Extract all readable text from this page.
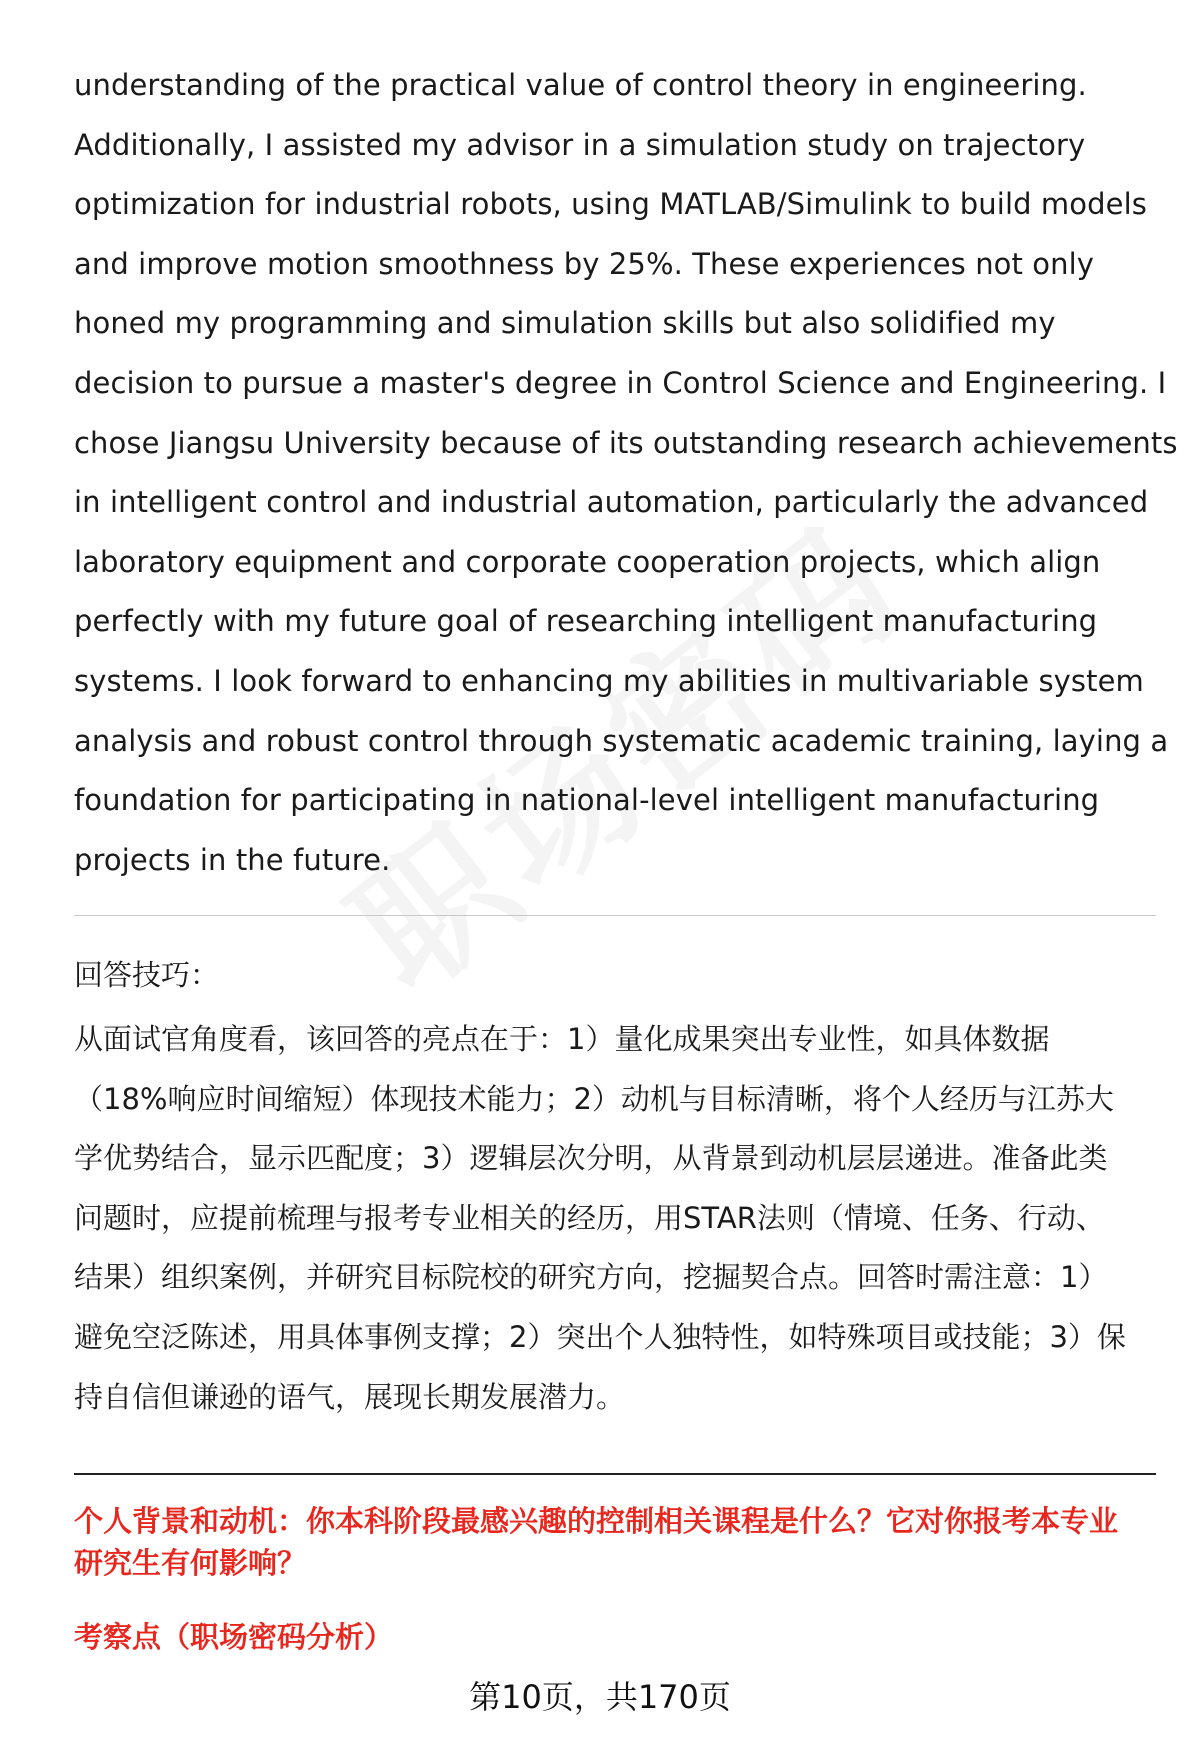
understanding of the practical value of control theory in engineering.
Additionally, I assisted my advisor in a simulation study on trajectory
optimization for industrial robots, using MATLAB/Simulink to build models
and improve motion smoothness by 25%. These experiences not only
honed my programming and simulation skills but also solidified my
decision to pursue a master's degree in Control Science and Engineering. I
chose Jiangsu University because of its outstanding research achievements
in intelligent control and industrial automation, particularly the advanced
laboratory equipment and corporate cooperation projects, which align
perfectly with my future goal of researching intelligent manufacturing
systems. I look forward to enhancing my abilities in multivariable system
analysis and robust control through systematic academic training, laying a
foundation for participating in national-level intelligent manufacturing
projects in the future.
回答技巧：
从面试官角度看，该回答的亮点在于：1）量化成果突出专业性，如具体数据
（18%响应时间缩短）体现技术能力；2）动机与目标清晰，将个人经历与江苏大
学优势结合，显示匹配度；3）逻辑层次分明，从背景到动机层层递进。准备此类
问题时，应提前梳理与报考专业相关的经历，用STAR法则（情境、任务、行动、
结果）组织案例，并研究目标院校的研究方向，挖掘契合点。回答时需注意：1）
避免空泛陈述，用具体事例支撑；2）突出个人独特性，如特殊项目或技能；3）保
持自信但谦逊的语气，展现长期发展潜力。
个人背景和动机：你本科阶段最感兴趣的控制相关课程是什么？它对你报考本专业
研究生有何影响？
考察点（职场密码分析）
第10页，共170页
